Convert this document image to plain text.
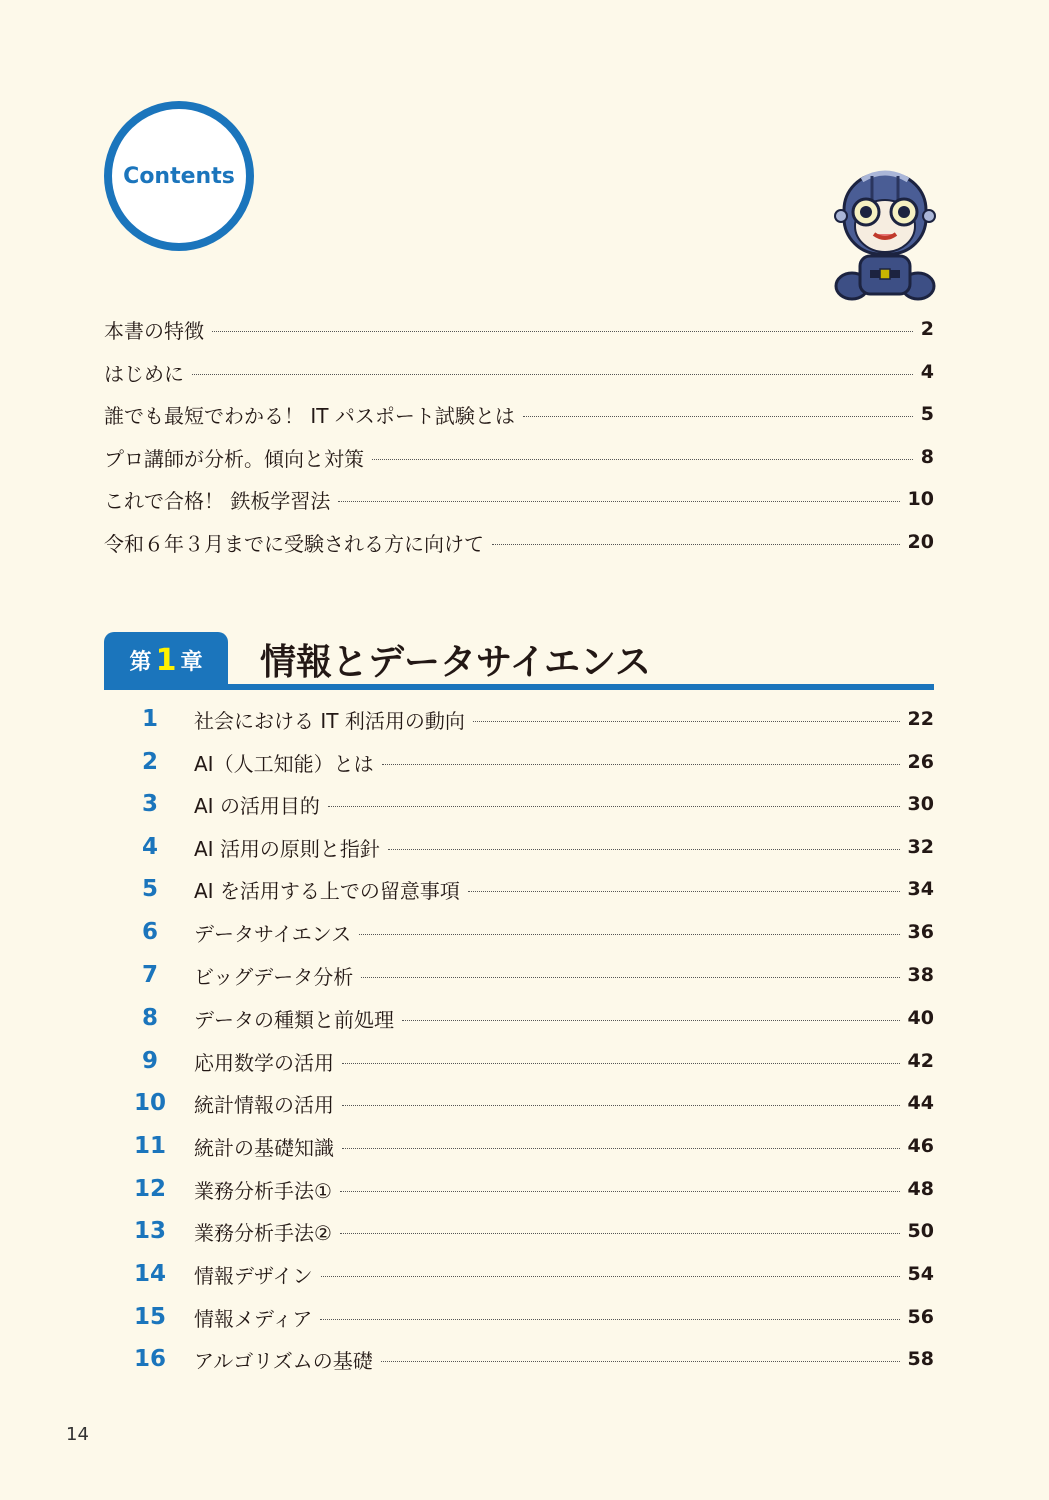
Contents
本書の特徴	2
はじめに	4
誰でも最短でわかる！ IT パスポート試験とは	5
プロ講師が分析。傾向と対策	8
これで合格！ 鉄板学習法	10
令和６年３月までに受験される方に向けて	20
第 1 章 情報とデータサイエンス
1	社会における IT 利活用の動向	22
2	AI（人工知能）とは	26
3	AI の活用目的	30
4	AI 活用の原則と指針	32
5	AI を活用する上での留意事項	34
6	データサイエンス	36
7	ビッグデータ分析	38
8	データの種類と前処理	40
9	応用数学の活用	42
10	統計情報の活用	44
11	統計の基礎知識	46
12	業務分析手法①	48
13	業務分析手法②	50
14	情報デザイン	54
15	情報メディア	56
16	アルゴリズムの基礎	58
14
